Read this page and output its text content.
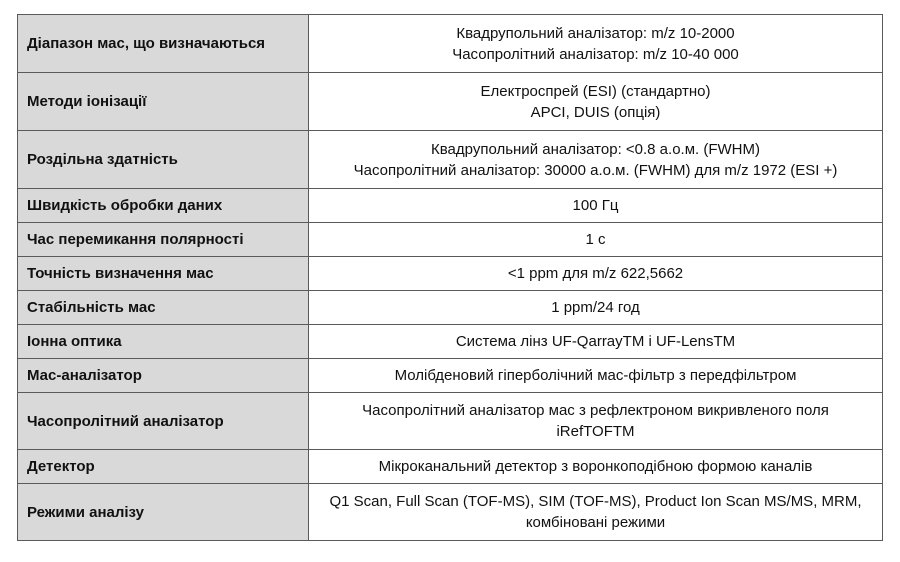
Діапазон мас, що визначаються	Квадрупольний аналізатор: m/z 10-2000
Часопролітний аналізатор: m/z 10-40 000

Методи іонізації	Електроспрей (ESI) (стандартно)
APCI, DUIS (опція)

Роздільна здатність	Квадрупольний аналізатор: <0.8 а.о.м. (FWHM)
Часопролітний аналізатор: 30000 а.о.м. (FWHM) для m/z 1972 (ESI +)

Швидкість обробки даних	100 Гц

Час перемикання полярності	1 с

Точність визначення мас	<1 ppm для m/z 622,5662

Стабільність мас	1 ppm/24 год

Іонна оптика	Система лінз UF-QarrayTM і UF-LensTM

Мас-аналізатор	Молібденовий гіперболічний мас-фільтр з передфільтром

Часопролітний аналізатор	Часопролітний аналізатор мас з рефлектроном викривленого поля
iRefTOFTM

Детектор	Мікроканальний детектор з воронкоподібною формою каналів

Режими аналізу	Q1 Scan, Full Scan (TOF-MS), SIM (TOF-MS), Product Ion Scan MS/MS, MRM,
комбіновані режими
